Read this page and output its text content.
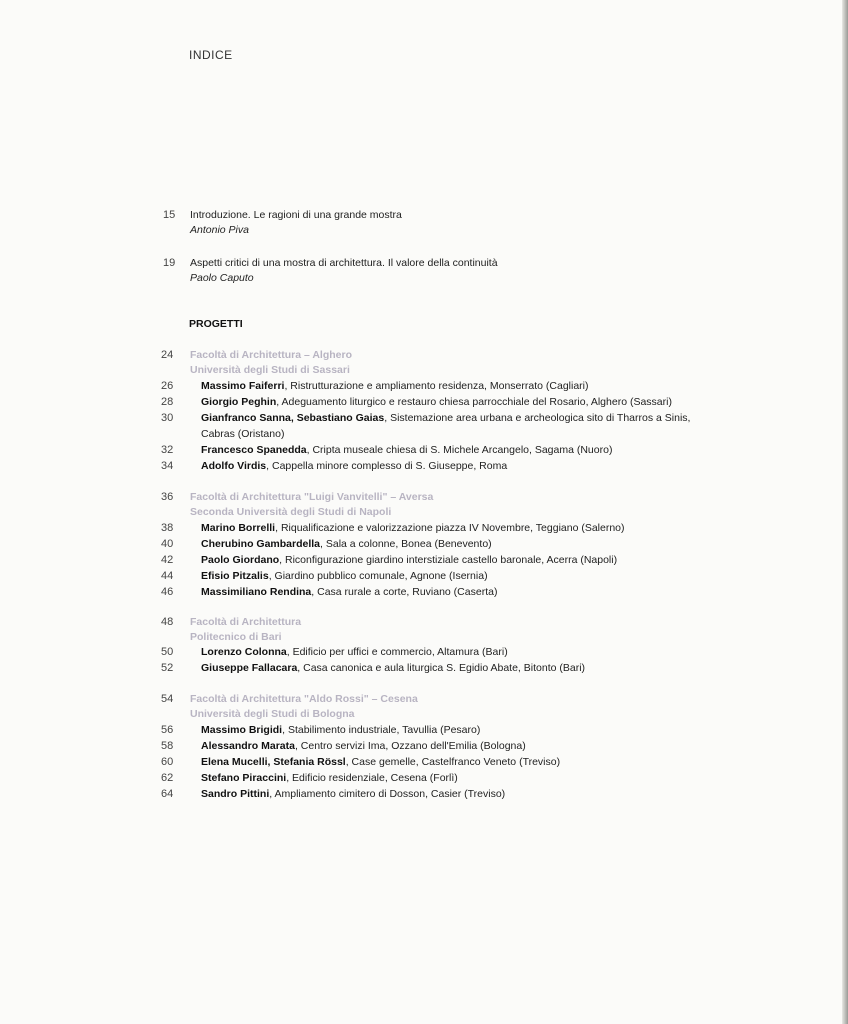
INDICE
15	Introduzione. Le ragioni di una grande mostra
Antonio Piva
19	Aspetti critici di una mostra di architettura. Il valore della continuità
Paolo Caputo
PROGETTI
24	Facoltà di Architettura – Alghero
Università degli Studi di Sassari
26	Massimo Faiferri, Ristrutturazione e ampliamento residenza, Monserrato (Cagliari)
28	Giorgio Peghin, Adeguamento liturgico e restauro chiesa parrocchiale del Rosario, Alghero (Sassari)
30	Gianfranco Sanna, Sebastiano Gaias, Sistemazione area urbana e archeologica sito di Tharros a Sinis,
Cabras (Oristano)
32	Francesco Spanedda, Cripta museale chiesa di S. Michele Arcangelo, Sagama (Nuoro)
34	Adolfo Virdis, Cappella minore complesso di S. Giuseppe, Roma
36	Facoltà di Architettura "Luigi Vanvitelli" – Aversa
Seconda Università degli Studi di Napoli
38	Marino Borrelli, Riqualificazione e valorizzazione piazza IV Novembre, Teggiano (Salerno)
40	Cherubino Gambardella, Sala a colonne, Bonea (Benevento)
42	Paolo Giordano, Riconfigurazione giardino interstiziale castello baronale, Acerra (Napoli)
44	Efisio Pitzalis, Giardino pubblico comunale, Agnone (Isernia)
46	Massimiliano Rendina, Casa rurale a corte, Ruviano (Caserta)
48	Facoltà di Architettura
Politecnico di Bari
50	Lorenzo Colonna, Edificio per uffici e commercio, Altamura (Bari)
52	Giuseppe Fallacara, Casa canonica e aula liturgica S. Egidio Abate, Bitonto (Bari)
54	Facoltà di Architettura "Aldo Rossi" – Cesena
Università degli Studi di Bologna
56	Massimo Brigidi, Stabilimento industriale, Tavullia (Pesaro)
58	Alessandro Marata, Centro servizi Ima, Ozzano dell'Emilia (Bologna)
60	Elena Mucelli, Stefania Rössl, Case gemelle, Castelfranco Veneto (Treviso)
62	Stefano Piraccini, Edificio residenziale, Cesena (Forlì)
64	Sandro Pittini, Ampliamento cimitero di Dosson, Casier (Treviso)
